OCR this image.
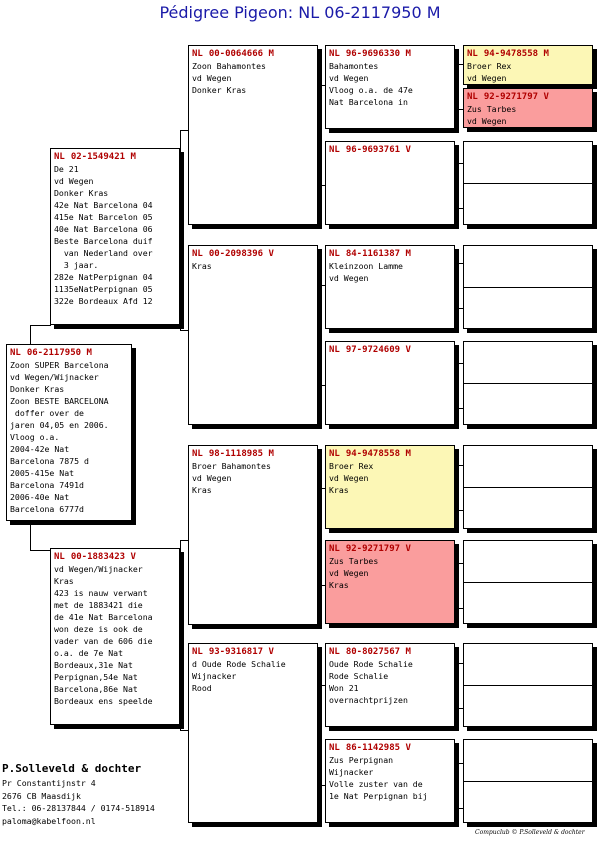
Pédigree Pigeon: NL 06-2117950 M
NL 06-2117950 M
Zoon SUPER Barcelona
vd Wegen/Wijnacker
Donker Kras
Zoon BESTE BARCELONA
doffer over de
jaren 04,05 en 2006.
Vloog o.a.
2004-42e Nat
Barcelona 7875 d
2005-415e Nat
Barcelona 7491d
2006-40e Nat
Barcelona 6777d
NL 02-1549421 M
De 21
vd Wegen
Donker Kras
42e Nat Barcelona 04
415e Nat Barcelon 05
40e Nat Barcelona 06
Beste Barcelona duif
van Nederland over
3 jaar.
282e NatPerpignan 04
1135eNatPerpignan 05
322e Bordeaux Afd 12
NL 00-1883423 V
vd Wegen/Wijnacker
Kras
423 is nauw verwant
met de 1883421 die
de 41e Nat Barcelona
won deze is ook de
vader van de 606 die
o.a. de 7e Nat
Bordeaux,31e Nat
Perpignan,54e Nat
Barcelona,86e Nat
Bordeaux ens speelde
NL 00-0064666 M
Zoon Bahamontes
vd Wegen
Donker Kras
NL 00-2098396 V
Kras
NL 98-1118985 M
Broer Bahamontes
vd Wegen
Kras
NL 93-9316817 V
d Oude Rode Schalie
Wijnacker
Rood
NL 96-9696330 M
Bahamontes
vd Wegen
Vloog o.a. de 47e
Nat Barcelona in
NL 96-9693761 V
NL 84-1161387 M
Kleinzoon Lamme
vd Wegen
NL 97-9724609 V
NL 94-9478558 M
Broer Rex
vd Wegen
Kras
NL 92-9271797 V
Zus Tarbes
vd Wegen
Kras
NL 80-8027567 M
Oude Rode Schalie
Rode Schalie
Won 21
overnachtprijzen
NL 86-1142985 V
Zus Perpignan
Wijnacker
Volle zuster van de
1e Nat Perpignan bij
NL 94-9478558 M
Broer Rex
vd Wegen
NL 92-9271797 V
Zus Tarbes
vd Wegen
P.Solleveld & dochter
Pr Constantijnstr 4
2676 CB Maasdijk
Tel.: 06-28137844 / 0174-518914
paloma@kabelfoon.nl
Compuclub © P.Solleveld & dochter
